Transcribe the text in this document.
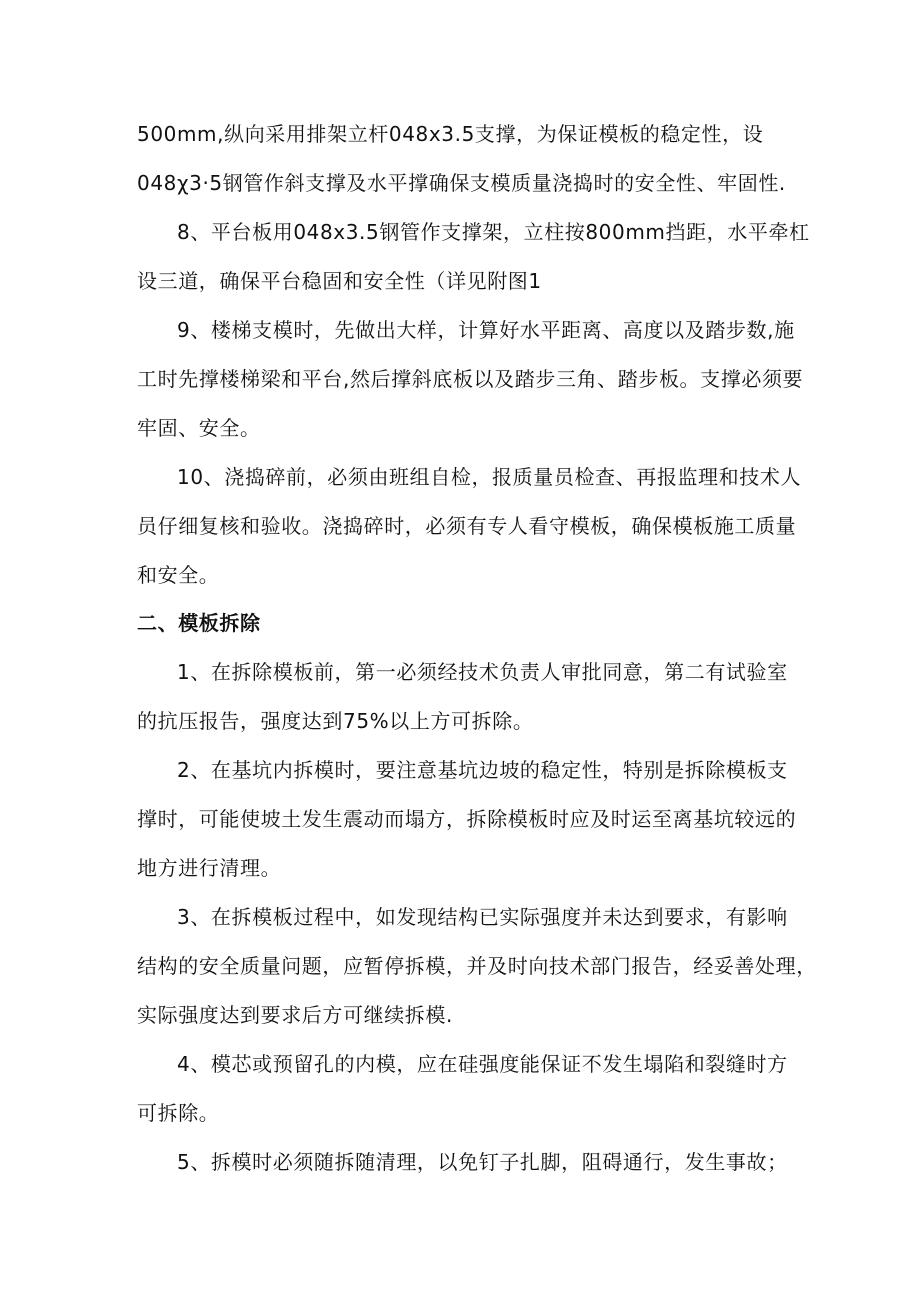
500mm,纵向采用排架立杆048x3.5支撑，为保证模板的稳定性，设
048χ3·5钢管作斜支撑及水平撑确保支模质量浇捣时的安全性、牢固性.
8、平台板用048x3.5钢管作支撑架，立柱按800mm挡距，水平牵杠
设三道，确保平台稳固和安全性（详见附图1
9、楼梯支模时，先做出大样，计算好水平距离、高度以及踏步数,施
工时先撑楼梯梁和平台,然后撑斜底板以及踏步三角、踏步板。支撑必须要
牢固、安全。
10、浇捣碎前，必须由班组自检，报质量员检查、再报监理和技术人
员仔细复核和验收。浇捣碎时，必须有专人看守模板，确保模板施工质量
和安全。
二、模板拆除
1、在拆除模板前，第一必须经技术负责人审批同意，第二有试验室
的抗压报告，强度达到75%以上方可拆除。
2、在基坑内拆模时，要注意基坑边坡的稳定性，特别是拆除模板支
撑时，可能使坡土发生震动而塌方，拆除模板时应及时运至离基坑较远的
地方进行清理。
3、在拆模板过程中，如发现结构已实际强度并未达到要求，有影响
结构的安全质量问题，应暂停拆模，并及时向技术部门报告，经妥善处理，
实际强度达到要求后方可继续拆模.
4、模芯或预留孔的内模，应在硅强度能保证不发生塌陷和裂缝时方
可拆除。
5、拆模时必须随拆随清理，以免钉子扎脚，阻碍通行，发生事故；
